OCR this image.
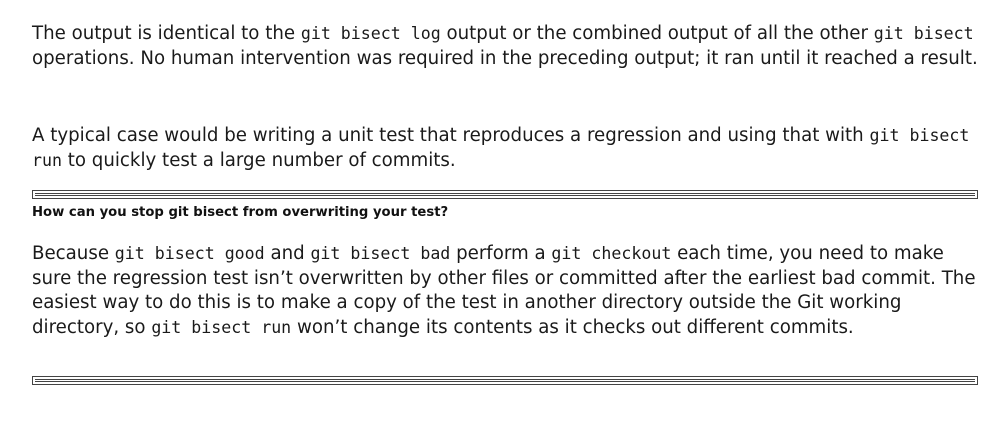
The output is identical to the git bisect log output or the combined output of all the other git bisect operations. No human intervention was required in the preceding output; it ran until it reached a result.

A typical case would be writing a unit test that reproduces a regression and using that with git bisect run to quickly test a large number of commits.

How can you stop git bisect from overwriting your test?

Because git bisect good and git bisect bad perform a git checkout each time, you need to make sure the regression test isn’t overwritten by other files or committed after the earliest bad commit. The easiest way to do this is to make a copy of the test in another directory outside the Git working directory, so git bisect run won’t change its contents as it checks out different commits.
